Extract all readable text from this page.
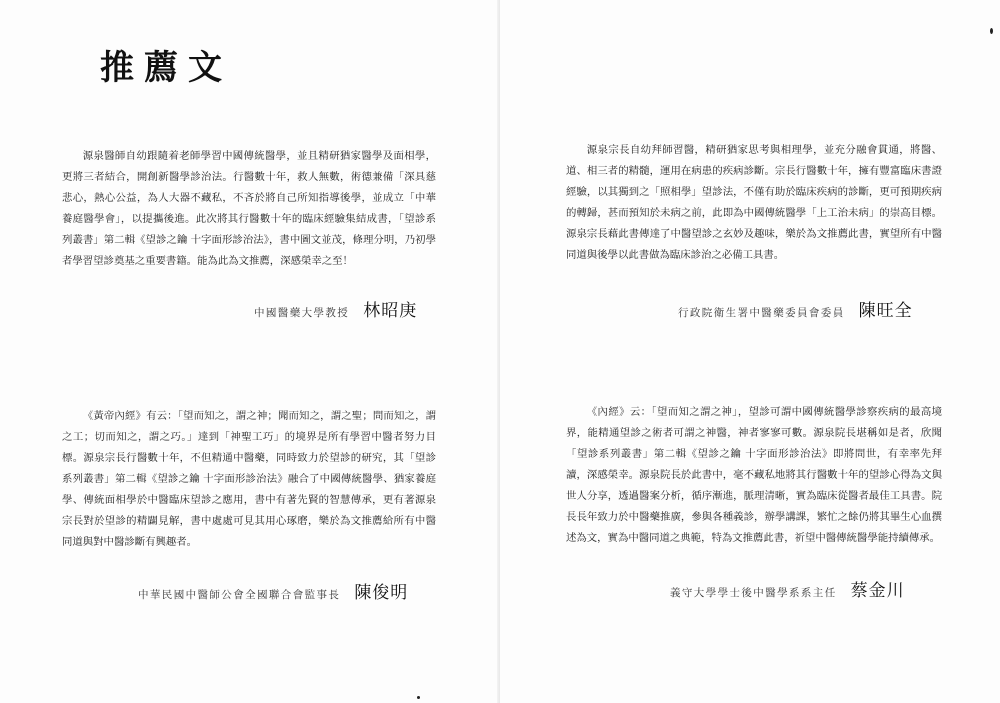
推薦文

源泉醫師自幼跟隨着老師學習中國傳統醫學，並且精研猶家醫學及面相學，更將三者結合，開創新醫學診治法。行醫數十年，救人無數，術德兼備「深具慈悲心，熱心公益，為人大器不藏私，不吝於將自己所知指導後學，並成立「中華養庭醫學會」，以提攜後進。此次將其行醫數十年的臨床經驗集結成書，「望診系列叢書」第二輯《望診之鑰 十字面形診治法》，書中圖文並茂，條理分明，乃初學者學習望診奠基之重要書籍。能為此為文推薦，深感榮幸之至！

中國醫藥大學教授 林昭庚

《黃帝內經》有云：「望而知之，謂之神；聞而知之，謂之聖；問而知之，謂之工；切而知之，謂之巧。」達到「神聖工巧」的境界是所有學習中醫者努力目標。源泉宗長行醫數十年，不但精通中醫藥，同時致力於望診的研究，其「望診系列叢書」第二輯《望診之鑰 十字面形診治法》融合了中國傳統醫學、猶家養庭學、傳統面相學於中醫臨床望診之應用，書中有著先賢的智慧傳承，更有著源泉宗長對於望診的精闢見解，書中處處可見其用心琢磨，樂於為文推薦給所有中醫同道與對中醫診斷有興趣者。

中華民國中醫師公會全國聯合會監事長 陳俊明

源泉宗長自幼拜師習醫，精研猶家思考與相理學，並充分融會貫通，將醫、道、相三者的精髓，運用在病患的疾病診斷。宗長行醫數十年，擁有豐富臨床書證經驗，以其獨到之「照相學」望診法，不僅有助於臨床疾病的診斷，更可預期疾病的轉歸，甚而預知於未病之前，此即為中國傳統醫學「上工治未病」的崇高目標。源泉宗長藉此書傳達了中醫望診之玄妙及趣味，樂於為文推薦此書，實望所有中醫同道與後學以此書做為臨床診治之必備工具書。

行政院衛生署中醫藥委員會委員 陳旺全

《內經》云：「望而知之謂之神」，望診可謂中國傳統醫學診察疾病的最高境界，能精通望診之術者可謂之神醫，神者寥寥可數。源泉院長堪稱如是者，欣聞「望診系列叢書」第二輯《望診之鑰 十字面形診治法》即將問世，有幸率先拜讀，深感榮幸。源泉院長於此書中，毫不藏私地將其行醫數十年的望診心得為文與世人分享，透過醫案分析，循序漸進，脈理清晰，實為臨床從醫者最佳工具書。院長長年致力於中醫藥推廣，參與各種義診，辦學講課，繁忙之餘仍將其畢生心血撰述為文，實為中醫同道之典範，特為文推薦此書，祈望中醫傳統醫學能持續傳承。

義守大學學士後中醫學系系主任 蔡金川
